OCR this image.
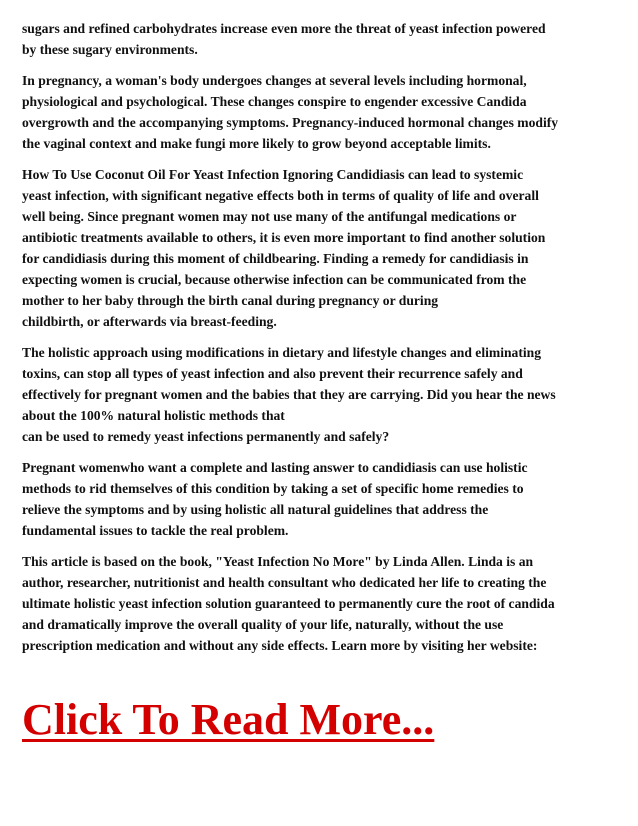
sugars and refined carbohydrates increase even more the threat of yeast infection powered
by these sugary environments.

In pregnancy, a woman's body undergoes changes at several levels including hormonal,
physiological and psychological. These changes conspire to engender excessive Candida
overgrowth and the accompanying symptoms. Pregnancy-induced hormonal changes modify
the vaginal context and make fungi more likely to grow beyond acceptable limits.

How To Use Coconut Oil For Yeast Infection Ignoring Candidiasis can lead to systemic
yeast infection, with significant negative effects both in terms of quality of life and overall
well being. Since pregnant women may not use many of the antifungal medications or
antibiotic treatments available to others, it is even more important to find another solution
for candidiasis during this moment of childbearing. Finding a remedy for candidiasis in
expecting women is crucial, because otherwise infection can be communicated from the
mother to her baby through the birth canal during pregnancy or during
childbirth, or afterwards via breast-feeding.

The holistic approach using modifications in dietary and lifestyle changes and eliminating
toxins, can stop all types of yeast infection and also prevent their recurrence safely and
effectively for pregnant women and the babies that they are carrying. Did you hear the news
about the 100% natural holistic methods that
can be used to remedy yeast infections permanently and safely?

Pregnant womenwho want a complete and lasting answer to candidiasis can use holistic
methods to rid themselves of this condition by taking a set of specific home remedies to
relieve the symptoms and by using holistic all natural guidelines that address the
fundamental issues to tackle the real problem.

This article is based on the book, "Yeast Infection No More" by Linda Allen. Linda is an
author, researcher, nutritionist and health consultant who dedicated her life to creating the
ultimate holistic yeast infection solution guaranteed to permanently cure the root of candida
and dramatically improve the overall quality of your life, naturally, without the use
prescription medication and without any side effects. Learn more by visiting her website:

Click To Read More...
